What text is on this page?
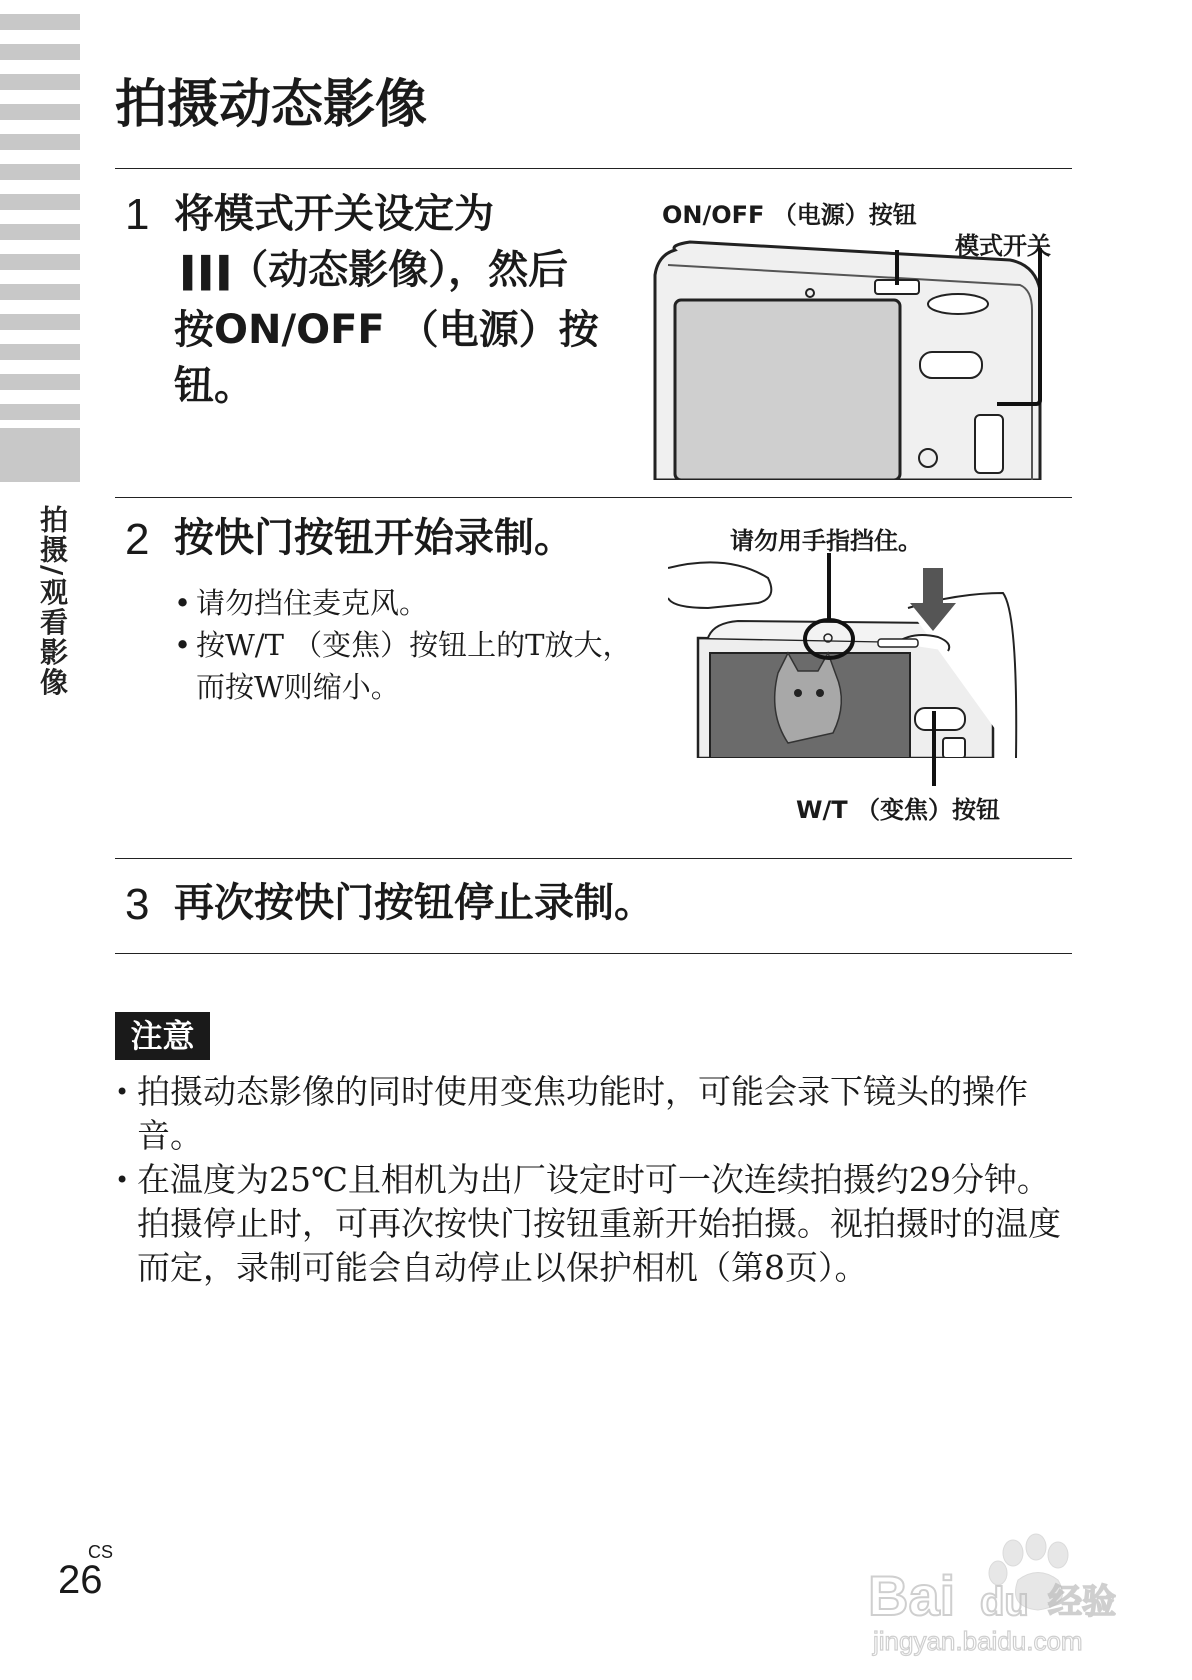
拍摄/观看影像
拍摄动态影像
1 将模式开关设定为
▐▐▐（动态影像），然后
按ON/OFF （电源）按
钮。
ON/OFF （电源）按钮
模式开关
2 按快门按钮开始录制。
• 请勿挡住麦克风。
• 按W/T （变焦）按钮上的T放大，而按W则缩小。
请勿用手指挡住。
W/T （变焦）按钮
3 再次按快门按钮停止录制。
注意
• 拍摄动态影像的同时使用变焦功能时，可能会录下镜头的操作音。
• 在温度为25℃且相机为出厂设定时可一次连续拍摄约29分钟。拍摄停止时，可再次按快门按钮重新开始拍摄。视拍摄时的温度而定，录制可能会自动停止以保护相机（第8页）。
CS
26	Bai du 经验
jingyan.baidu.com
